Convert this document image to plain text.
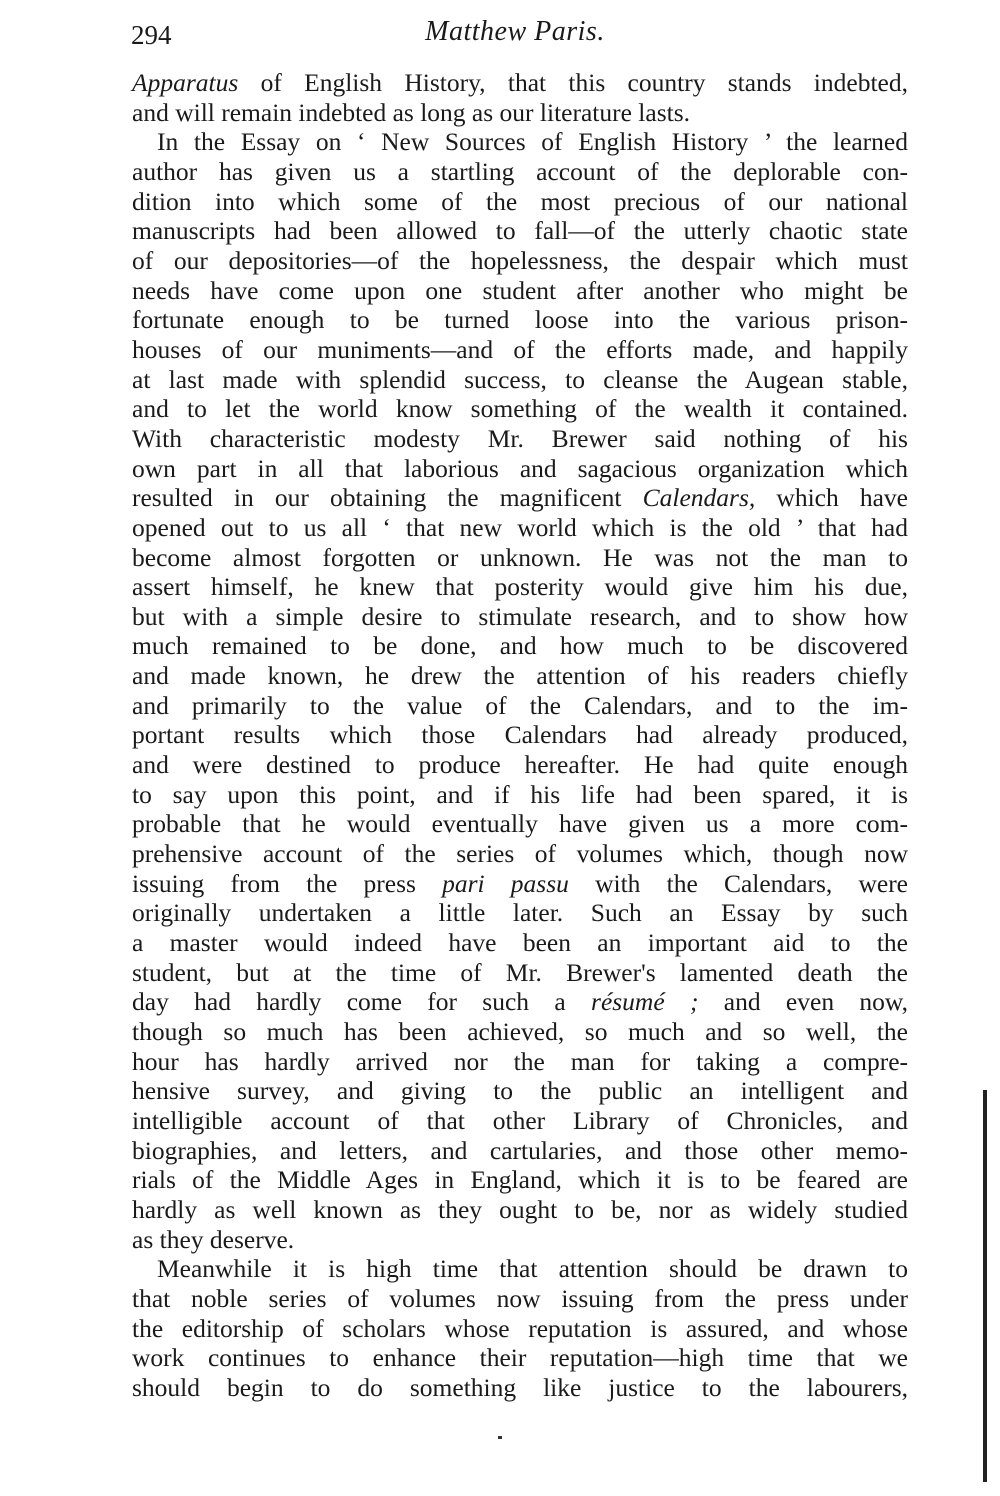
294	Matthew Paris.
Apparatus of English History, that this country stands indebted,
and will remain indebted as long as our literature lasts.
In the Essay on ‘ New Sources of English History ’ the learned
author has given us a startling account of the deplorable con-
dition into which some of the most precious of our national
manuscripts had been allowed to fall—of the utterly chaotic state
of our depositories—of the hopelessness, the despair which must
needs have come upon one student after another who might be
fortunate enough to be turned loose into the various prison-
houses of our muniments—and of the efforts made, and happily
at last made with splendid success, to cleanse the Augean stable,
and to let the world know something of the wealth it contained.
With characteristic modesty Mr. Brewer said nothing of his
own part in all that laborious and sagacious organization which
resulted in our obtaining the magnificent Calendars, which have
opened out to us all ‘ that new world which is the old ’ that had
become almost forgotten or unknown. He was not the man to
assert himself, he knew that posterity would give him his due,
but with a simple desire to stimulate research, and to show how
much remained to be done, and how much to be discovered
and made known, he drew the attention of his readers chiefly
and primarily to the value of the Calendars, and to the im-
portant results which those Calendars had already produced,
and were destined to produce hereafter. He had quite enough
to say upon this point, and if his life had been spared, it is
probable that he would eventually have given us a more com-
prehensive account of the series of volumes which, though now
issuing from the press pari passu with the Calendars, were
originally undertaken a little later. Such an Essay by such
a master would indeed have been an important aid to the
student, but at the time of Mr. Brewer's lamented death the
day had hardly come for such a résumé ; and even now,
though so much has been achieved, so much and so well, the
hour has hardly arrived nor the man for taking a compre-
hensive survey, and giving to the public an intelligent and
intelligible account of that other Library of Chronicles, and
biographies, and letters, and cartularies, and those other memo-
rials of the Middle Ages in England, which it is to be feared are
hardly as well known as they ought to be, nor as widely studied
as they deserve.
Meanwhile it is high time that attention should be drawn to
that noble series of volumes now issuing from the press under
the editorship of scholars whose reputation is assured, and whose
work continues to enhance their reputation—high time that we
should begin to do something like justice to the labourers,
